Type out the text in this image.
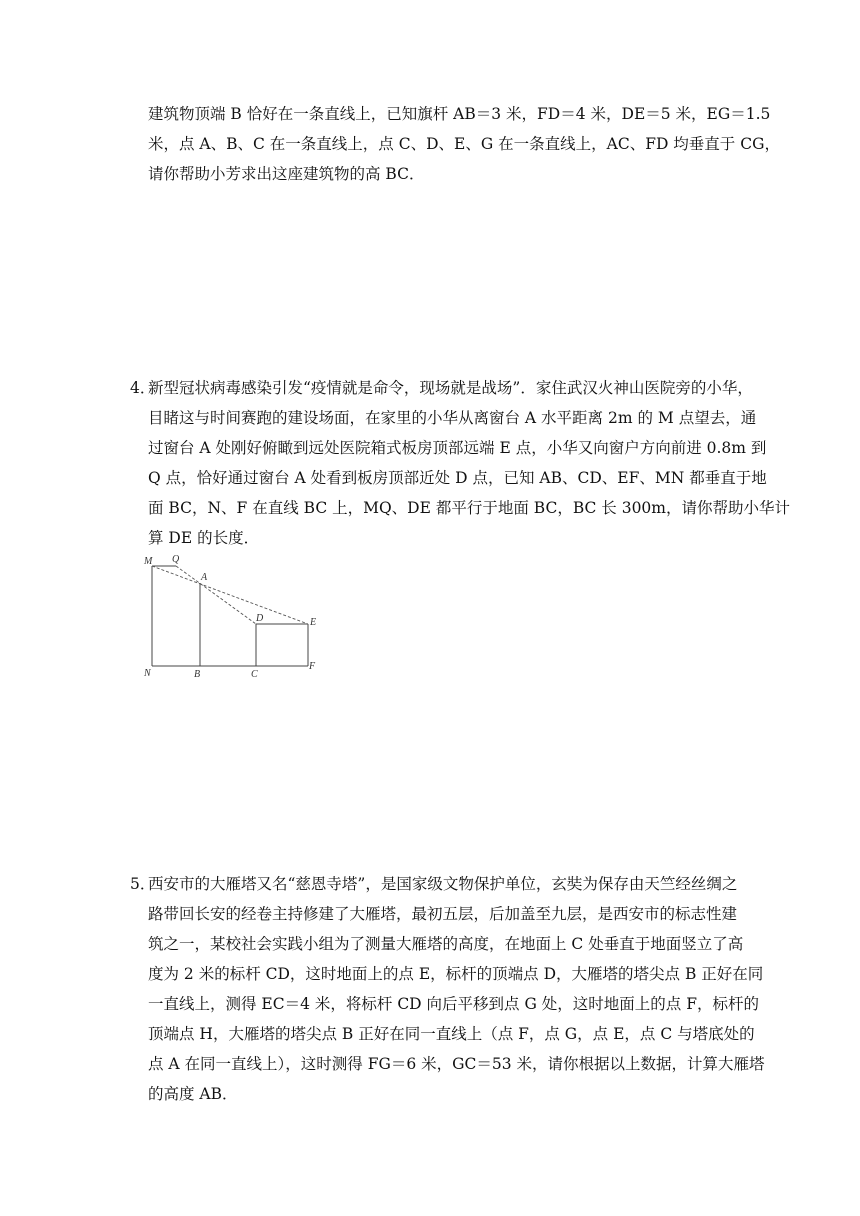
建筑物顶端 B 恰好在一条直线上，已知旗杆 AB＝3 米，FD＝4 米，DE＝5 米，EG＝1.5
米，点 A、B、C 在一条直线上，点 C、D、E、G 在一条直线上，AC、FD 均垂直于 CG，
请你帮助小芳求出这座建筑物的高 BC．
4．
新型冠状病毒感染引发“疫情就是命令，现场就是战场”．家住武汉火神山医院旁的小华，
目睹这与时间赛跑的建设场面，在家里的小华从离窗台 A 水平距离 2m 的 M 点望去，通
过窗台 A 处刚好俯瞰到远处医院箱式板房顶部远端 E 点，小华又向窗户方向前进 0.8m 到
Q 点，恰好通过窗台 A 处看到板房顶部近处 D 点，已知 AB、CD、EF、MN 都垂直于地
面 BC，N、F 在直线 BC 上，MQ、DE 都平行于地面 BC，BC 长 300m，请你帮助小华计
算 DE 的长度．
M Q
A
D	E
N	B	C
F
5．
西安市的大雁塔又名“慈恩寺塔”，是国家级文物保护单位，玄奘为保存由天竺经丝绸之
路带回长安的经卷主持修建了大雁塔，最初五层，后加盖至九层，是西安市的标志性建
筑之一，某校社会实践小组为了测量大雁塔的高度，在地面上 C 处垂直于地面竖立了高
度为 2 米的标杆 CD，这时地面上的点 E，标杆的顶端点 D，大雁塔的塔尖点 B 正好在同
一直线上，测得 EC＝4 米，将标杆 CD 向后平移到点 G 处，这时地面上的点 F，标杆的
顶端点 H，大雁塔的塔尖点 B 正好在同一直线上（点 F，点 G，点 E，点 C 与塔底处的
点 A 在同一直线上），这时测得 FG＝6 米，GC＝53 米，请你根据以上数据，计算大雁塔
的高度 AB．
